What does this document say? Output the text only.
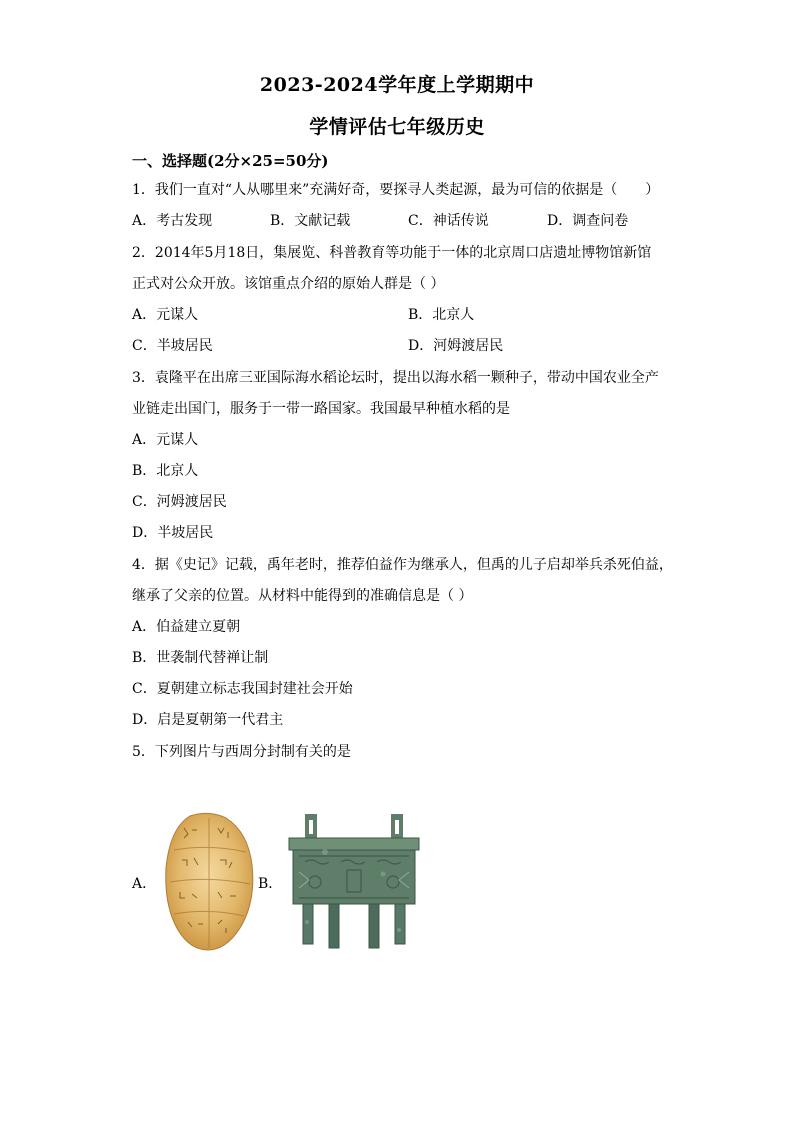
2023-2024学年度上学期期中
学情评估七年级历史
一、选择题(2分×25=50分)
1．我们一直对“人从哪里来”充满好奇，要探寻人类起源，最为可信的依据是（　　）
A．考古发现	B．文献记载	C．神话传说	D．调查问卷
2．2014年5月18日，集展览、科普教育等功能于一体的北京周口店遗址博物馆新馆
正式对公众开放。该馆重点介绍的原始人群是（ ）
A．元谋人	B．北京人
C．半坡居民	D．河姆渡居民
3．袁隆平在出席三亚国际海水稻论坛时，提出以海水稻一颗种子，带动中国农业全产
业链走出国门，服务于一带一路国家。我国最早种植水稻的是
A．元谋人
B．北京人
C．河姆渡居民
D．半坡居民
4．据《史记》记载，禹年老时，推荐伯益作为继承人，但禹的儿子启却举兵杀死伯益，
继承了父亲的位置。从材料中能得到的准确信息是（ ）
A．伯益建立夏朝
B．世袭制代替禅让制
C．夏朝建立标志我国封建社会开始
D．启是夏朝第一代君主
5．下列图片与西周分封制有关的是
A．	B．
